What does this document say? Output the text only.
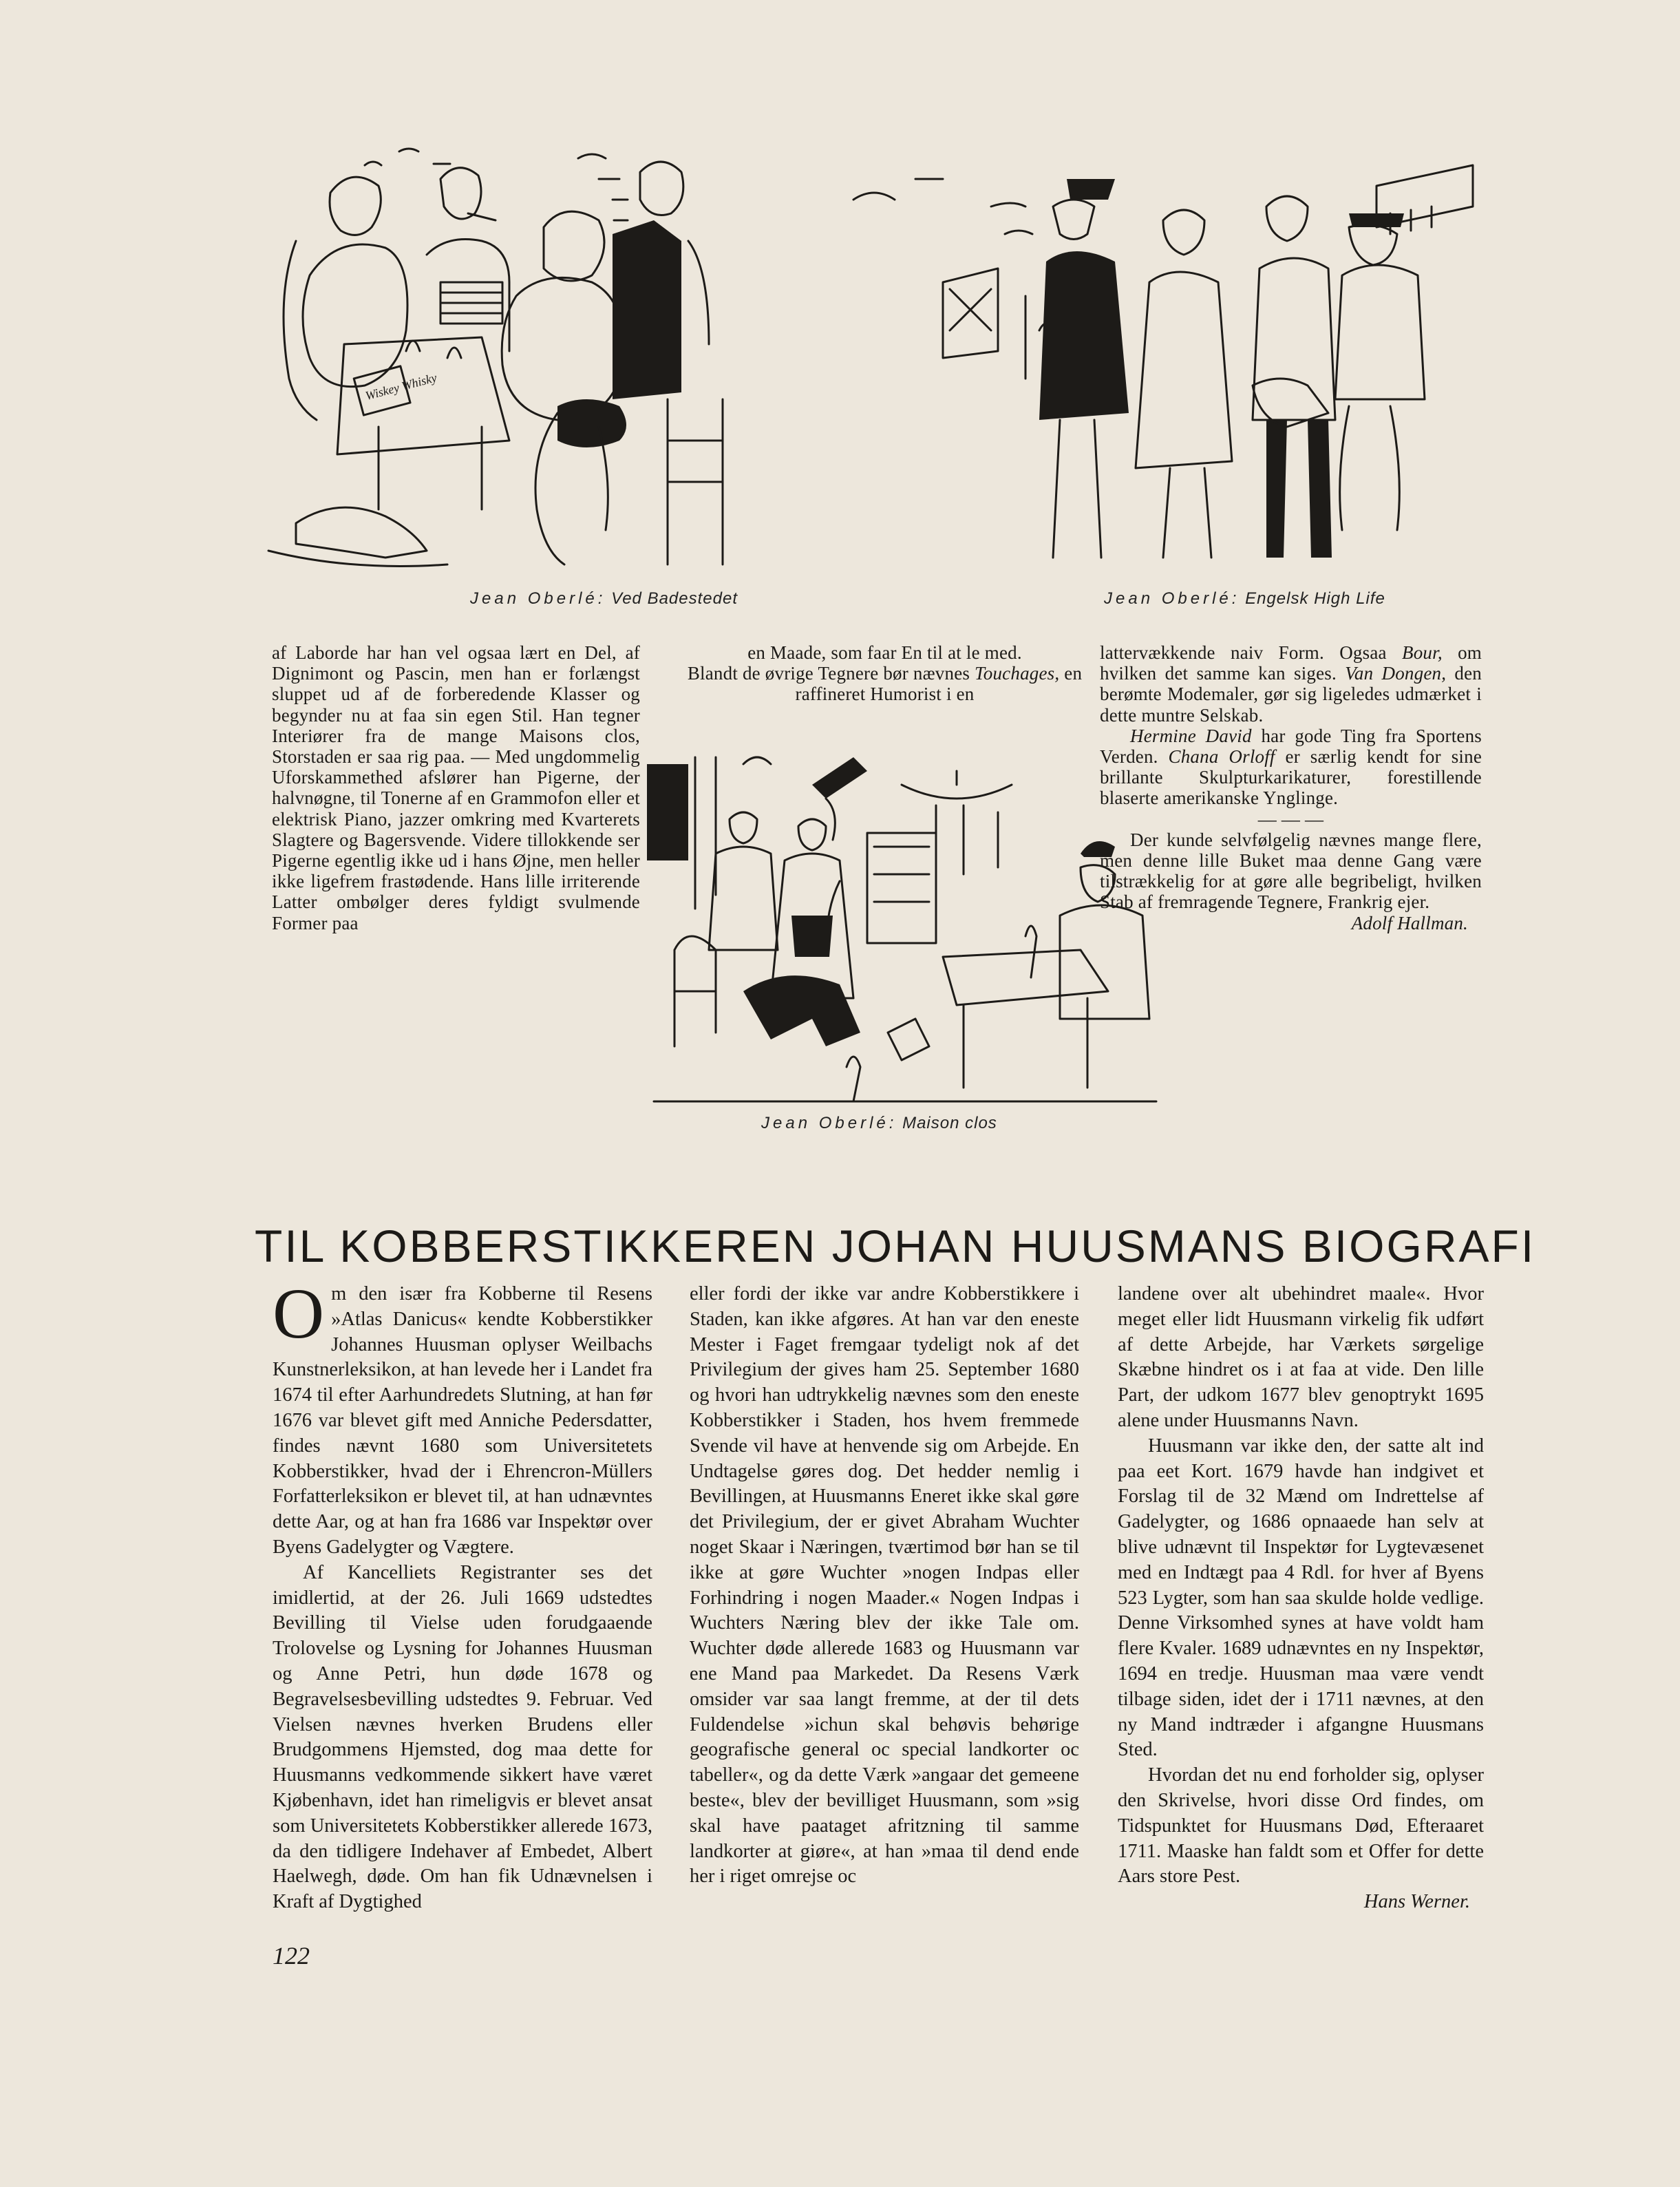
Wiskey Whisky
Jean Oberlé: Ved Badestedet	Jean Oberlé: Engelsk High Life

af Laborde har han vel ogsaa lært en Del, af Dignimont og Pascin, men han er forlængst sluppet ud af de forberedende Klasser og begynder nu at faa sin egen Stil. Han tegner Interiører fra de mange Maisons clos, Storstaden er saa rig paa. — Med ungdommelig Uforskammethed afslører han Pigerne, der halvnøgne, til Tonerne af en Grammofon eller et elektrisk Piano, jazzer omkring med Kvarterets Slagtere og Bagersvende. Videre tillokkende ser Pigerne egentlig ikke ud i hans Øjne, men heller ikke ligefrem frastødende. Hans lille irriterende Latter ombølger deres fyldigt svulmende Former paa

en Maade, som faar En til at le med.

Blandt de øvrige Tegnere bør nævnes Touchages, en raffineret Humorist i en

Jean Oberlé: Maison clos

lattervækkende naiv Form. Ogsaa Bour, om hvilken det samme kan siges. Van Dongen, den berømte Modemaler, gør sig ligeledes udmærket i dette muntre Selskab.

Hermine David har gode Ting fra Sportens Verden. Chana Orloff er særlig kendt for sine brillante Skulpturkarikaturer, forestillende blaserte amerikanske Ynglinge.

— — —

Der kunde selvfølgelig nævnes mange flere, men denne lille Buket maa denne Gang være tilstrækkelig for at gøre alle begribeligt, hvilken Stab af fremragende Tegnere, Frankrig ejer.

Adolf Hallman.

TIL KOBBERSTIKKEREN JOHAN HUUSMANS BIOGRAFI

O m den især fra Kobberne til Resens »Atlas Danicus« kendte Kobberstikker Johannes Huusman oplyser Weilbachs Kunstnerleksikon, at han levede her i Landet fra 1674 til efter Aarhundredets Slutning, at han før 1676 var blevet gift med Anniche Pedersdatter, findes nævnt 1680 som Universitetets Kobberstikker, hvad der i Ehrencron-Müllers Forfatterleksikon er blevet til, at han udnævntes dette Aar, og at han fra 1686 var Inspektør over Byens Gadelygter og Vægtere.

Af Kancelliets Registranter ses det imidlertid, at der 26. Juli 1669 udstedtes Bevilling til Vielse uden forudgaaende Trolovelse og Lysning for Johannes Huusman og Anne Petri, hun døde 1678 og Begravelsesbevilling udstedtes 9. Februar. Ved Vielsen nævnes hverken Brudens eller Brudgommens Hjemsted, dog maa dette for Huusmanns vedkommende sikkert have været Kjøbenhavn, idet han rimeligvis er blevet ansat som Universitetets Kobberstikker allerede 1673, da den tidligere Indehaver af Embedet, Albert Haelwegh, døde. Om han fik Udnævnelsen i Kraft af Dygtighed

eller fordi der ikke var andre Kobberstikkere i Staden, kan ikke afgøres. At han var den eneste Mester i Faget fremgaar tydeligt nok af det Privilegium der gives ham 25. September 1680 og hvori han udtrykkelig nævnes som den eneste Kobberstikker i Staden, hos hvem fremmede Svende vil have at henvende sig om Arbejde. En Undtagelse gøres dog. Det hedder nemlig i Bevillingen, at Huusmanns Eneret ikke skal gøre det Privilegium, der er givet Abraham Wuchter noget Skaar i Næringen, tværtimod bør han se til ikke at gøre Wuchter »nogen Indpas eller Forhindring i nogen Maader.« Nogen Indpas i Wuchters Næring blev der ikke Tale om. Wuchter døde allerede 1683 og Huusmann var ene Mand paa Markedet. Da Resens Værk omsider var saa langt fremme, at der til dets Fuldendelse »ichun skal behøvis behørige geografische general oc special landkorter oc tabeller«, og da dette Værk »angaar det gemeene beste«, blev der bevilliget Huusmann, som »sig skal have paataget afritzning til samme landkorter at giøre«, at han »maa til dend ende her i riget omrejse oc

landene over alt ubehindret maale«. Hvor meget eller lidt Huusmann virkelig fik udført af dette Arbejde, har Værkets sørgelige Skæbne hindret os i at faa at vide. Den lille Part, der udkom 1677 blev genoptrykt 1695 alene under Huusmanns Navn.

Huusmann var ikke den, der satte alt ind paa eet Kort. 1679 havde han indgivet et Forslag til de 32 Mænd om Indrettelse af Gadelygter, og 1686 opnaaede han selv at blive udnævnt til Inspektør for Lygtevæsenet med en Indtægt paa 4 Rdl. for hver af Byens 523 Lygter, som han saa skulde holde vedlige. Denne Virksomhed synes at have voldt ham flere Kvaler. 1689 udnævntes en ny Inspektør, 1694 en tredje. Huusman maa være vendt tilbage siden, idet der i 1711 nævnes, at den ny Mand indtræder i afgangne Huusmans Sted.

Hvordan det nu end forholder sig, oplyser den Skrivelse, hvori disse Ord findes, om Tidspunktet for Huusmans Død, Efteraaret 1711. Maaske han faldt som et Offer for dette Aars store Pest.

Hans Werner.

122
